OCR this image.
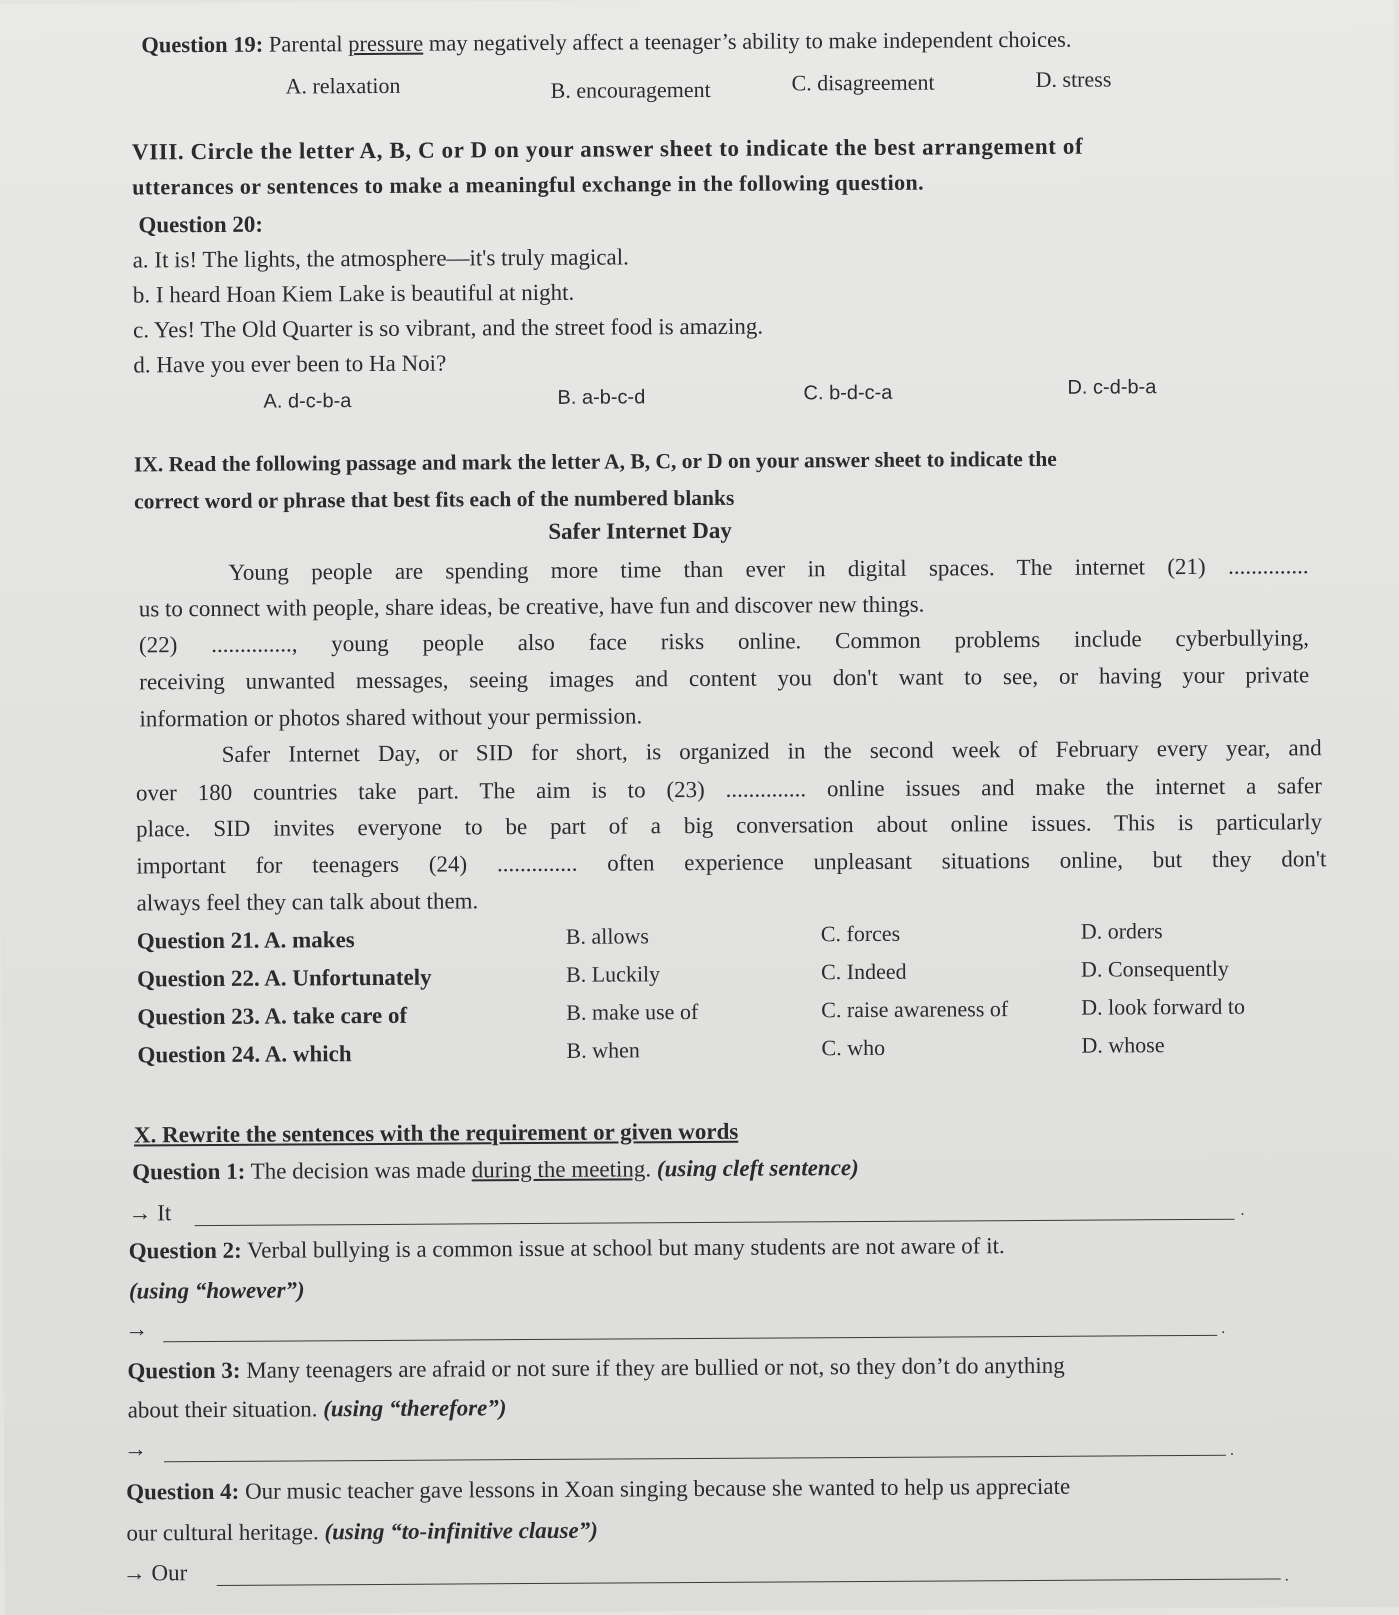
Question 19: Parental pressure may negatively affect a teenager’s ability to make independent choices.
A. relaxation	B. encouragement	C. disagreement	D. stress
VIII. Circle the letter A, B, C or D on your answer sheet to indicate the best arrangement of
utterances or sentences to make a meaningful exchange in the following question.
Question 20:
a. It is! The lights, the atmosphere—it's truly magical.
b. I heard Hoan Kiem Lake is beautiful at night.
c. Yes! The Old Quarter is so vibrant, and the street food is amazing.
d. Have you ever been to Ha Noi?
A. d-c-b-a	B. a-b-c-d	C. b-d-c-a	D. c-d-b-a
IX. Read the following passage and mark the letter A, B, C, or D on your answer sheet to indicate the
correct word or phrase that best fits each of the numbered blanks
Safer Internet Day
Young people are spending more time than ever in digital spaces. The internet (21) ..............
us to connect with people, share ideas, be creative, have fun and discover new things.
(22) .............., young people also face risks online. Common problems include cyberbullying,
receiving unwanted messages, seeing images and content you don't want to see, or having your private
information or photos shared without your permission.
Safer Internet Day, or SID for short, is organized in the second week of February every year, and
over 180 countries take part. The aim is to (23) .............. online issues and make the internet a safer
place. SID invites everyone to be part of a big conversation about online issues. This is particularly
important for teenagers (24) .............. often experience unpleasant situations online, but they don't
always feel they can talk about them.
Question 21. A. makes	B. allows	C. forces	D. orders
Question 22. A. Unfortunately	B. Luckily	C. Indeed	D. Consequently
Question 23. A. take care of	B. make use of	C. raise awareness of	D. look forward to
Question 24. A. which	B. when	C. who	D. whose
X. Rewrite the sentences with the requirement or given words
Question 1: The decision was made during the meeting. (using cleft sentence)
→ It	.
Question 2: Verbal bullying is a common issue at school but many students are not aware of it.
(using “however”)
→	.
Question 3: Many teenagers are afraid or not sure if they are bullied or not, so they don’t do anything
about their situation. (using “therefore”)
→	.
Question 4: Our music teacher gave lessons in Xoan singing because she wanted to help us appreciate
our cultural heritage. (using “to-infinitive clause”)
→ Our	.
